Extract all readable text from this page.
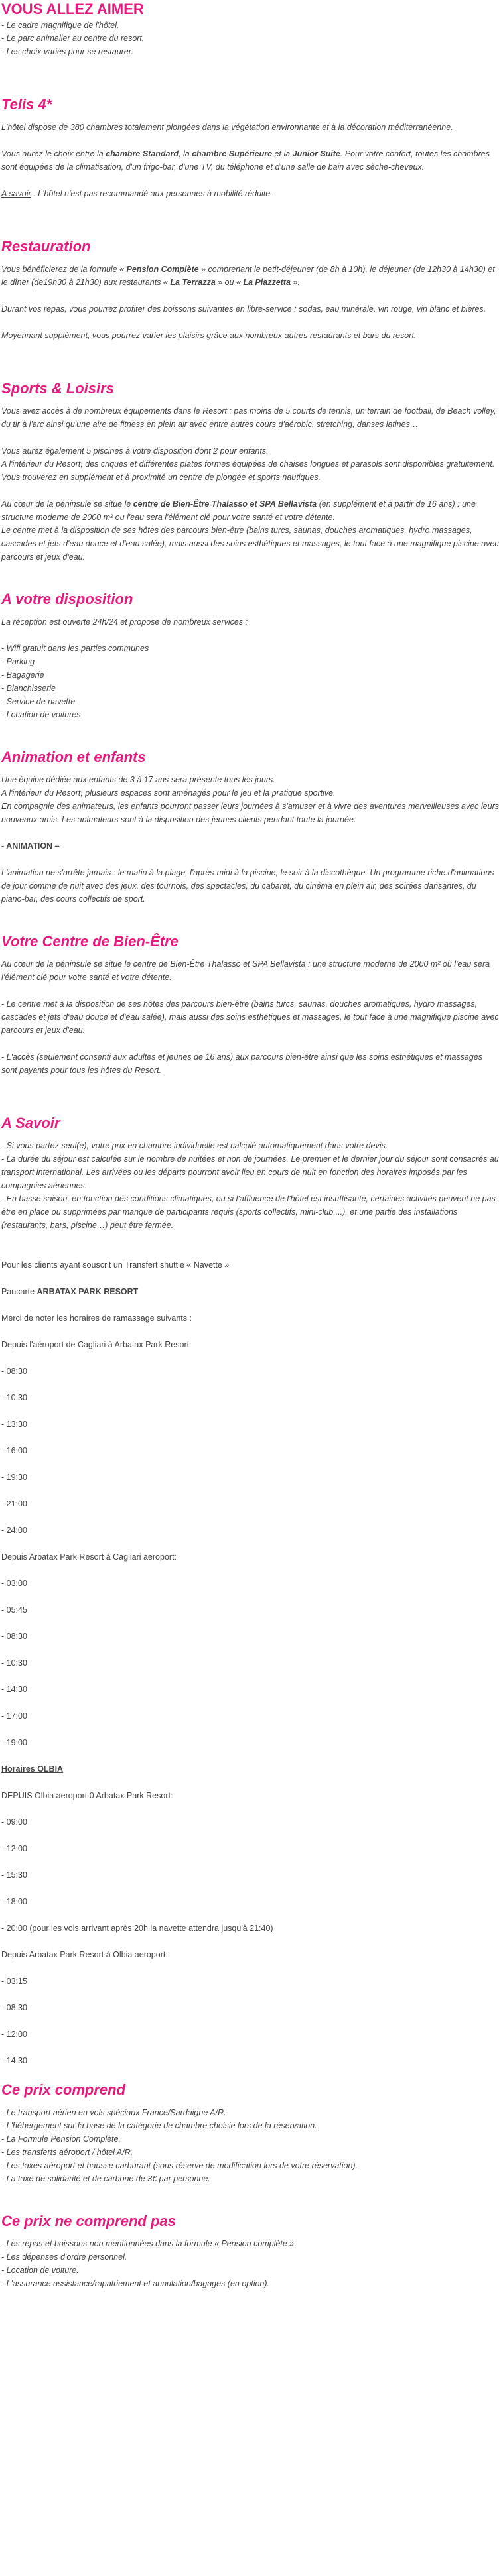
VOUS ALLEZ AIMER

- Le cadre magnifique de l'hôtel.

- Le parc animalier au centre du resort.

- Les choix variés pour se restaurer.

Telis 4*

L'hôtel dispose de 380 chambres totalement plongées dans la végétation environnante et à la décoration méditerranéenne.

Vous aurez le choix entre la chambre Standard, la chambre Supérieure et la Junior Suite. Pour votre confort, toutes les chambres sont équipées de la climatisation, d'un frigo-bar, d'une TV, du téléphone et d'une salle de bain avec sèche-cheveux.

A savoir : L'hôtel n'est pas recommandé aux personnes à mobilité réduite.

Restauration

Vous bénéficierez de la formule « Pension Complète » comprenant le petit-déjeuner (de 8h à 10h), le déjeuner (de 12h30 à 14h30) et le dîner (de19h30 à 21h30) aux restaurants « La Terrazza » ou « La Piazzetta ».

Durant vos repas, vous pourrez profiter des boissons suivantes en libre-service : sodas, eau minérale, vin rouge, vin blanc et bières.

Moyennant supplément, vous pourrez varier les plaisirs grâce aux nombreux autres restaurants et bars du resort.

Sports & Loisirs

Vous avez accès à de nombreux équipements dans le Resort : pas moins de 5 courts de tennis, un terrain de football, de Beach volley, du tir à l'arc ainsi qu'une aire de fitness en plein air avec entre autres cours d'aérobic, stretching, danses latines…

Vous aurez également 5 piscines à votre disposition dont 2 pour enfants.

A l'intérieur du Resort, des criques et différentes plates formes équipées de chaises longues et parasols sont disponibles gratuitement.

Vous trouverez en supplément et à proximité un centre de plongée et sports nautiques.

Au cœur de la péninsule se situe le centre de Bien-Être Thalasso et SPA Bellavista (en supplément et à partir de 16 ans) : une structure moderne de 2000 m² ou l'eau sera l'élément clé pour votre santé et votre détente.

Le centre met à la disposition de ses hôtes des parcours bien-être (bains turcs, saunas, douches aromatiques, hydro massages, cascades et jets d'eau douce et d'eau salée), mais aussi des soins esthétiques et massages, le tout face à une magnifique piscine avec parcours et jeux d'eau.

A votre disposition

La réception est ouverte 24h/24 et propose de nombreux services :

- Wifi gratuit dans les parties communes

- Parking

- Bagagerie

- Blanchisserie

- Service de navette

- Location de voitures

Animation et enfants

Une équipe dédiée aux enfants de 3 à 17 ans sera présente tous les jours.

A l'intérieur du Resort, plusieurs espaces sont aménagés pour le jeu et la pratique sportive.

En compagnie des animateurs, les enfants pourront passer leurs journées à s'amuser et à vivre des aventures merveilleuses avec leurs nouveaux amis. Les animateurs sont à la disposition des jeunes clients pendant toute la journée.

- ANIMATION –

L'animation ne s'arrête jamais : le matin à la plage, l'après-midi à la piscine, le soir à la discothèque. Un programme riche d'animations de jour comme de nuit avec des jeux, des tournois, des spectacles, du cabaret, du cinéma en plein air, des soirées dansantes, du piano-bar, des cours collectifs de sport.

Votre Centre de Bien-Être

Au cœur de la péninsule se situe le centre de Bien-Être Thalasso et SPA Bellavista : une structure moderne de 2000 m² où l'eau sera l'élément clé pour votre santé et votre détente.

- Le centre met à la disposition de ses hôtes des parcours bien-être (bains turcs, saunas, douches aromatiques, hydro massages, cascades et jets d'eau douce et d'eau salée), mais aussi des soins esthétiques et massages, le tout face à une magnifique piscine avec parcours et jeux d'eau.

- L'accès (seulement consenti aux adultes et jeunes de 16 ans) aux parcours bien-être ainsi que les soins esthétiques et massages sont payants pour tous les hôtes du Resort.

A Savoir

- Si vous partez seul(e), votre prix en chambre individuelle est calculé automatiquement dans votre devis.

- La durée du séjour est calculée sur le nombre de nuitées et non de journées. Le premier et le dernier jour du séjour sont consacrés au transport international. Les arrivées ou les départs pourront avoir lieu en cours de nuit en fonction des horaires imposés par les compagnies aériennes.

- En basse saison, en fonction des conditions climatiques, ou si l'affluence de l'hôtel est insuffisante, certaines activités peuvent ne pas être en place ou supprimées par manque de participants requis (sports collectifs, mini-club,...), et une partie des installations (restaurants, bars, piscine…) peut être fermée.

Pour les clients ayant souscrit un Transfert shuttle « Navette »

Pancarte ARBATAX PARK RESORT

Merci de noter les horaires de ramassage suivants :

Depuis l'aéroport de Cagliari à Arbatax Park Resort:

- 08:30

- 10:30

- 13:30

- 16:00

- 19:30

- 21:00

- 24:00

Depuis Arbatax Park Resort à Cagliari aeroport:

- 03:00

- 05:45

- 08:30

- 10:30

- 14:30

- 17:00

- 19:00

Horaires OLBIA

DEPUIS Olbia aeroport 0 Arbatax Park Resort:

- 09:00

- 12:00

- 15:30

- 18:00

- 20:00 (pour les vols arrivant après 20h la navette attendra jusqu'à 21:40)

Depuis Arbatax Park Resort à Olbia aeroport:

- 03:15

- 08:30

- 12:00

- 14:30

Ce prix comprend

- Le transport aérien en vols spéciaux France/Sardaigne A/R.

- L'hébergement sur la base de la catégorie de chambre choisie lors de la réservation.

- La Formule Pension Complète.

- Les transferts aéroport / hôtel A/R.

- Les taxes aéroport et hausse carburant (sous réserve de modification lors de votre réservation).

- La taxe de solidarité et de carbone de 3€ par personne.

Ce prix ne comprend pas

- Les repas et boissons non mentionnées dans la formule « Pension complète ».

- Les dépenses d'ordre personnel.

- Location de voiture.

- L'assurance assistance/rapatriement et annulation/bagages (en option).
